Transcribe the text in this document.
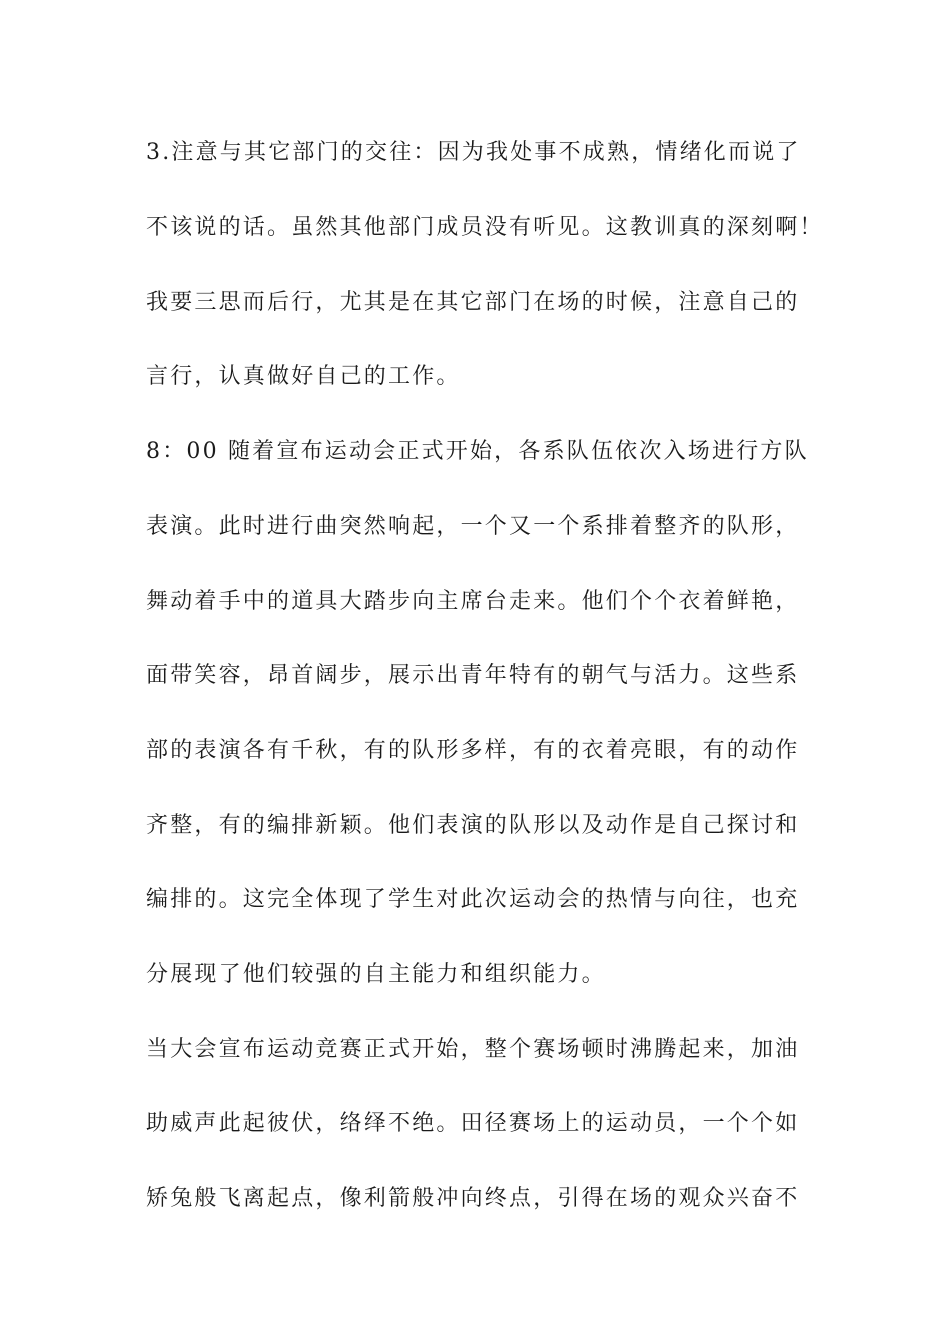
3.注意与其它部门的交往：因为我处事不成熟，情绪化而说了
不该说的话。虽然其他部门成员没有听见。这教训真的深刻啊！
我要三思而后行，尤其是在其它部门在场的时候，注意自己的
言行，认真做好自己的工作。
8：00 随着宣布运动会正式开始，各系队伍依次入场进行方队
表演。此时进行曲突然响起，一个又一个系排着整齐的队形，
舞动着手中的道具大踏步向主席台走来。他们个个衣着鲜艳，
面带笑容，昂首阔步，展示出青年特有的朝气与活力。这些系
部的表演各有千秋，有的队形多样，有的衣着亮眼，有的动作
齐整，有的编排新颖。他们表演的队形以及动作是自己探讨和
编排的。这完全体现了学生对此次运动会的热情与向往，也充
分展现了他们较强的自主能力和组织能力。
当大会宣布运动竞赛正式开始，整个赛场顿时沸腾起来，加油
助威声此起彼伏，络绎不绝。田径赛场上的运动员，一个个如
矫兔般飞离起点，像利箭般冲向终点，引得在场的观众兴奋不
